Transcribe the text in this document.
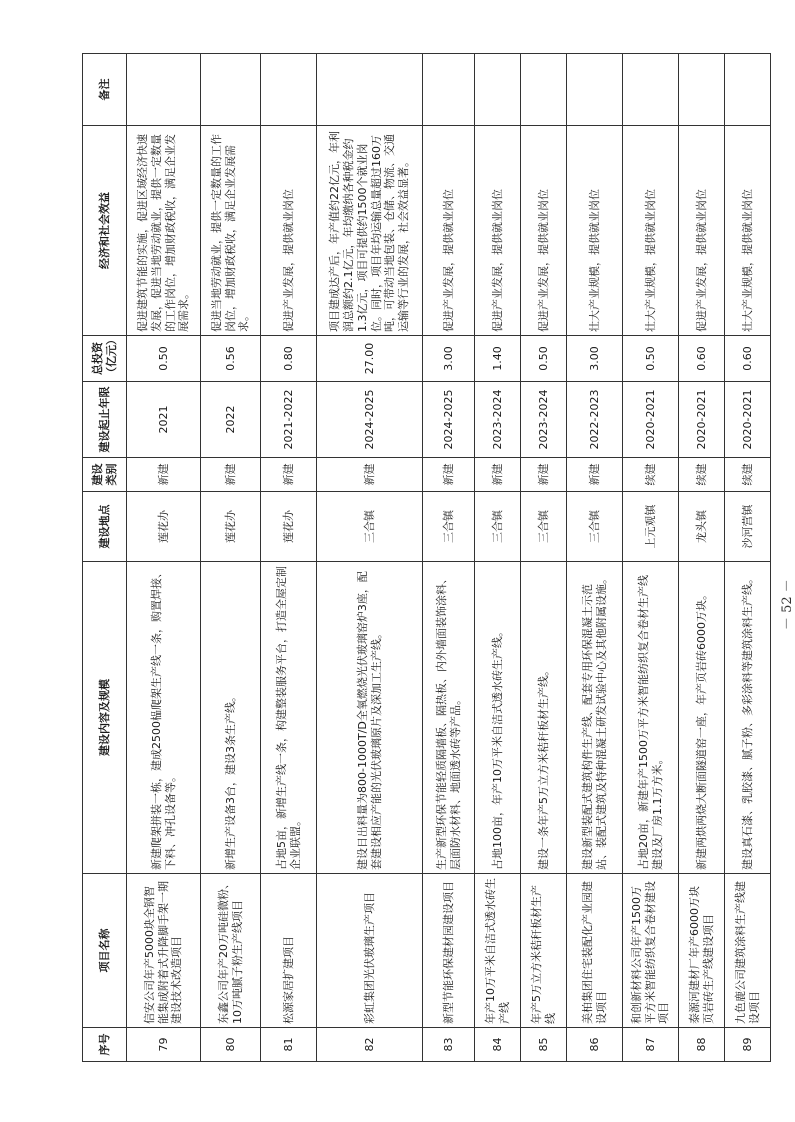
序号	项目名称	建设内容及规模	建设地点	建设类别	建设起止年限	总投资（亿元）	经济和社会效益	备注
79	信安公司年产5000块全钢智能集成附着式升降脚手架一期建设技术改造项目	新建爬架拼装一栋，建成2500榀爬架生产线一条，购置焊接、下料、冲孔设备等。	莲花办	新建	2021	0.50	促进建筑节能的实施，促进区域经济快速发展，促进当地劳动就业，提供一定数量的工作岗位，增加财政税收，满足企业发展需求。	
80	东鑫公司年产20万吨硅微粉、10万吨腻子粉生产线项目	新增生产设备3台，建设3条生产线。	莲花办	新建	2022	0.56	促进当地劳动就业，提供一定数量的工作岗位，增加财政税收，满足企业发展需求。	
81	松源家居扩建项目	占地5亩，新增生产线一条，构建整装服务平台，打造全屋定制企业联盟。	莲花办	新建	2021-2022	0.80	促进产业发展，提供就业岗位	
82	彩虹集团光伏玻璃生产项目	建设日出料量为800-1000T/D全氧燃烧光伏玻璃窑炉3座，配套建设相应产能的光伏玻璃原片及深加工生产线。	三合镇	新建	2024-2025	27.00	项目建成达产后，年产值约22亿元，年利润总额约2.1亿元，年均缴纳各种税金约1.3亿元，项目可提供约1500个就业岗位。同时，项目年均运输总量超过160万吨，可带动当地包装、仓储、物流、交通运输等行业的发展，社会效益显著。	
83	新型节能环保建材园建设项目	生产新型环保节能轻质隔墙板、隔热板、内外墙面装饰涂料、层面防水材料、地面透水砖等产品。	三合镇	新建	2024-2025	3.00	促进产业发展，提供就业岗位	
84	年产10万平米自洁式透水砖生产线	占地100亩，年产10万平米自洁式透水砖生产线。	三合镇	新建	2023-2024	1.40	促进产业发展，提供就业岗位	
85	年产5万立方米秸秆板材生产线	建设一条年产5万立方米秸秆板材生产线。	三合镇	新建	2023-2024	0.50	促进产业发展，提供就业岗位	
86	美柏集团住宅装配化产业园建设项目	建设新型装配式建筑构件生产线、配套专用环保混凝土示范站、装配式建筑及特种混凝土研发试验中心及其他附属设施。	三合镇	新建	2022-2023	3.00	壮大产业规模，提供就业岗位	
87	和创新材料公司年产1500万平方米智能纺织复合卷材建设项目	占地20亩，新建年产1500万平方米智能纺织复合卷材生产线建设及厂房1.1万方米。	上元观镇	续建	2020-2021	0.50	壮大产业规模，提供就业岗位	
88	泰源河建材厂年产6000万块页岩砖生产线建设项目	新建两烘两烧大断面隧道窑一座，年产页岩砖6000万块。	龙头镇	续建	2020-2021	0.60	促进产业发展，提供就业岗位	
89	九色鹿公司建筑涂料生产线建设项目	建设真石漆、乳胶漆、腻子粉、多彩涂料等建筑涂料生产线。	沙河营镇	续建	2020-2021	0.60	壮大产业规模，提供就业岗位	
－ 52 －
